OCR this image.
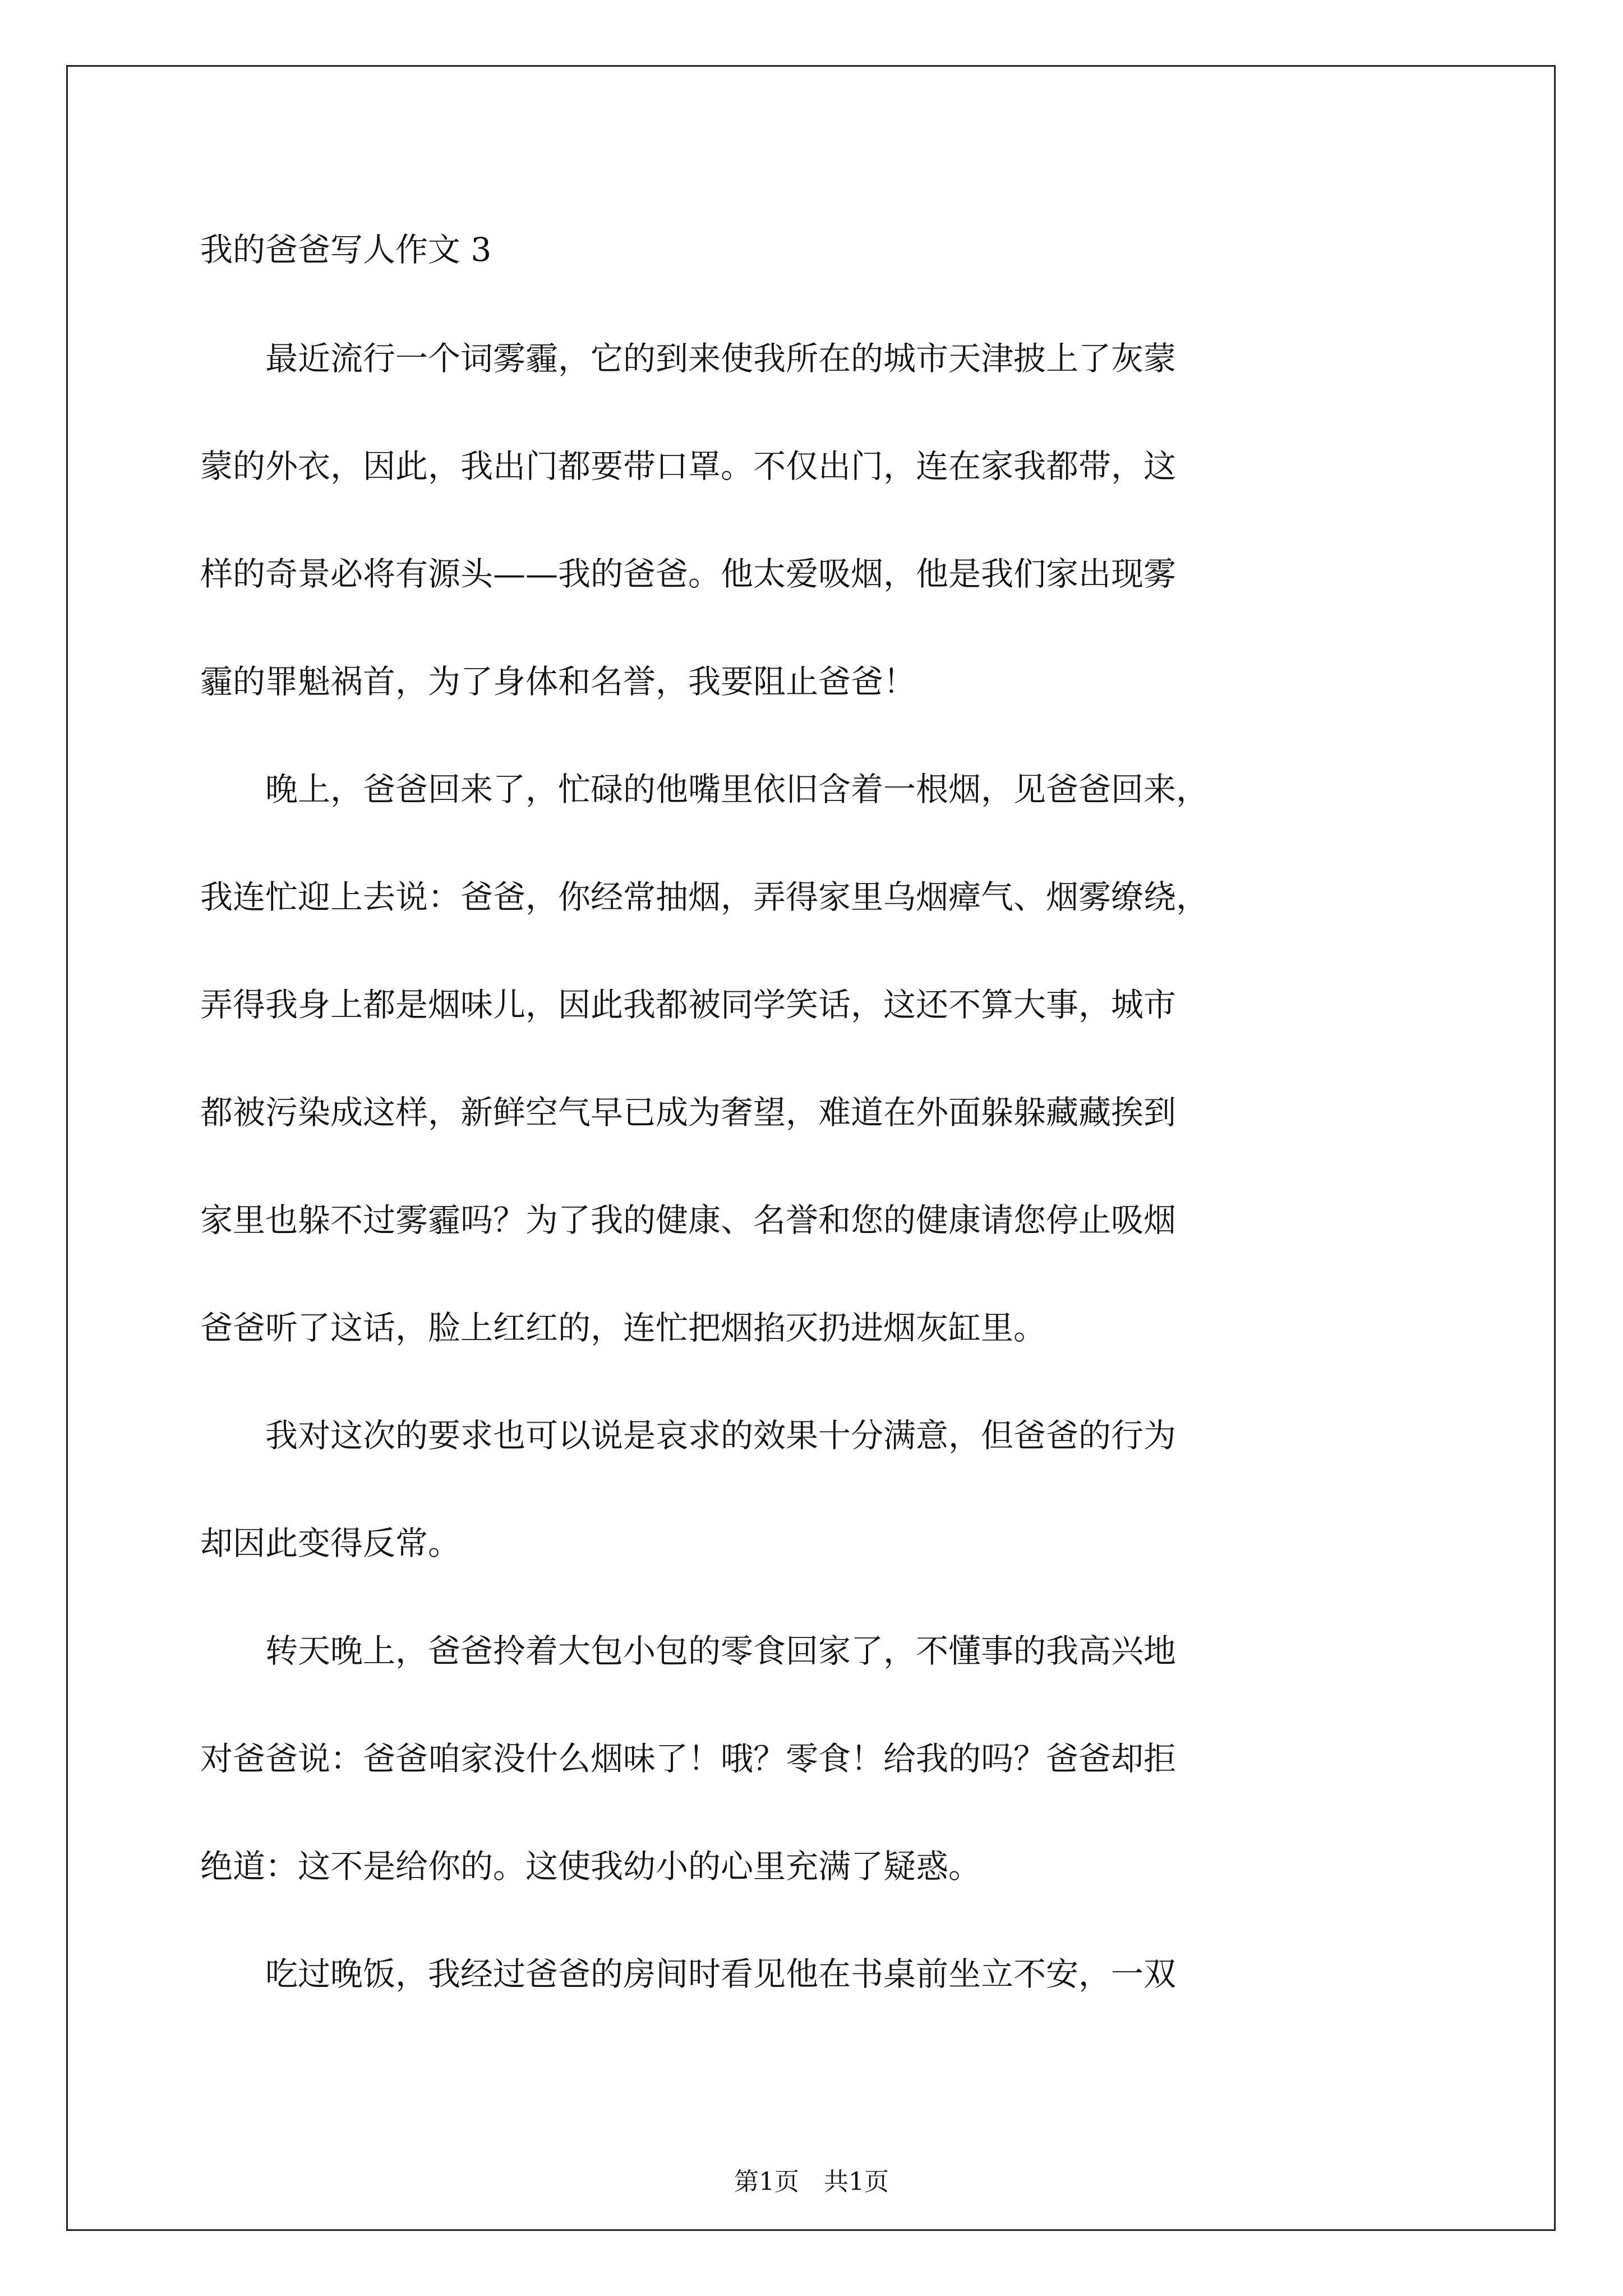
我的爸爸写人作文 3
　　最近流行一个词雾霾，它的到来使我所在的城市天津披上了灰蒙
蒙的外衣，因此，我出门都要带口罩。不仅出门，连在家我都带，这
样的奇景必将有源头——我的爸爸。他太爱吸烟，他是我们家出现雾
霾的罪魁祸首，为了身体和名誉，我要阻止爸爸！
　　晚上，爸爸回来了，忙碌的他嘴里依旧含着一根烟，见爸爸回来，
我连忙迎上去说：爸爸，你经常抽烟，弄得家里乌烟瘴气、烟雾缭绕，
弄得我身上都是烟味儿，因此我都被同学笑话，这还不算大事，城市
都被污染成这样，新鲜空气早已成为奢望，难道在外面躲躲藏藏挨到
家里也躲不过雾霾吗？为了我的健康、名誉和您的健康请您停止吸烟
爸爸听了这话，脸上红红的，连忙把烟掐灭扔进烟灰缸里。
　　我对这次的要求也可以说是哀求的效果十分满意，但爸爸的行为
却因此变得反常。
　　转天晚上，爸爸拎着大包小包的零食回家了，不懂事的我高兴地
对爸爸说：爸爸咱家没什么烟味了！哦？零食！给我的吗？爸爸却拒
绝道：这不是给你的。这使我幼小的心里充满了疑惑。
　　吃过晚饭，我经过爸爸的房间时看见他在书桌前坐立不安，一双
第1页　共1页
